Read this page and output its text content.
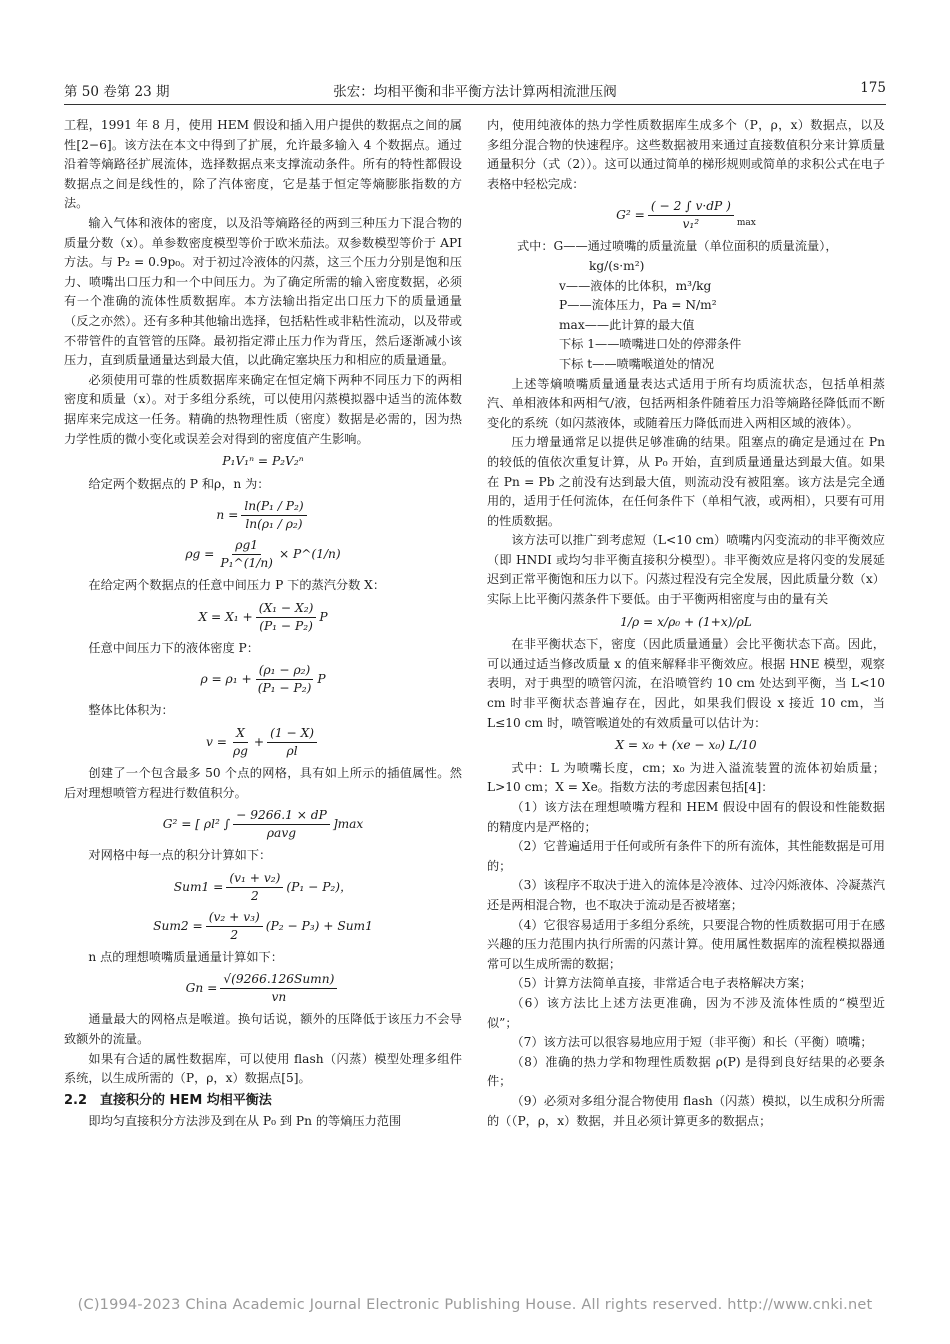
第 50 卷第 23 期	张宏：均相平衡和非平衡方法计算两相流泄压阀	175

工程，1991 年 8 月，使用 HEM 假设和插入用户提供的数据点之间的属性[2−6]。该方法在本文中得到了扩展，允许最多输入 4 个数据点。通过沿着等熵路径扩展流体，选择数据点来支撑流动条件。所有的特性都假设数据点之间是线性的，除了汽体密度，它是基于恒定等熵膨胀指数的方法。

输入气体和液体的密度，以及沿等熵路径的两到三种压力下混合物的质量分数（x）。单参数密度模型等价于欧米茄法。双参数模型等价于 API 方法。与 P₂ = 0.9p₀。对于初过冷液体的闪蒸，这三个压力分别是饱和压力、喷嘴出口压力和一个中间压力。为了确定所需的输入密度数据，必须有一个准确的流体性质数据库。本方法输出指定出口压力下的质量通量（反之亦然）。还有多种其他输出选择，包括粘性或非粘性流动，以及带或不带管件的直管管的压降。最初指定滞止压力作为背压，然后逐渐减小该压力，直到质量通量达到最大值，以此确定塞块压力和相应的质量通量。

必须使用可靠的性质数据库来确定在恒定熵下两种不同压力下的两相密度和质量（x）。对于多组分系统，可以使用闪蒸模拟器中适当的流体数据库来完成这一任务。精确的热物理性质（密度）数据是必需的，因为热力学性质的微小变化或误差会对得到的密度值产生影响。

P₁V₁ⁿ = P₂V₂ⁿ

给定两个数据点的 P 和ρ，n 为：

$n = \frac{\text{ln(P₁ / P₂)}}{\text{ln(ρ₁ / ρ₂)}}$
$\rho g = \frac{\rho g1}{\text{P₁\textasciicircum{}(1/n)}}$ × P^(1/n)

在给定两个数据点的任意中间压力 P 下的蒸汽分数 X：

$X = X_1 + \frac{\text{(X₁ − X₂)}}{\text{(P₁ − P₂)}}$ P

任意中间压力下的液体密度 P：

$\rho = \rho_1 + \frac{\text{(ρ₁ − ρ₂)}}{\text{(P₁ − P₂)}}$ P

整体比体积为：

$v = \frac{X}{\rho g} + \frac{(1 - X)}{\rho l}$

创建了一个包含最多 50 个点的网格，具有如上所示的插值属性。然后对理想喷管方程进行数值积分。

G² = [ ρl² ∫ $\frac{- 9266.1 \times dP}{\text{ρavg}} ]\max$

对网格中每一点的积分计算如下：

$Sum1 = \frac{\text{(v₁ + v₂)}}{2} (P_1 - P_2)$，
$Sum2 = \frac{\text{(v₂ + v₃)}}{2} (P_2 - P_3) + Sum1$

n 点的理想喷嘴质量通量计算如下：

$Gn = \frac{\text{√(9266.126Sumn)}}{vn}$

通量最大的网格点是喉道。换句话说，额外的压降低于该压力不会导致额外的流量。

如果有合适的属性数据库，可以使用 flash（闪蒸）模型处理多组件系统，以生成所需的（P，ρ，x）数据点[5]。

2.2　直接积分的 HEM 均相平衡法

即均匀直接积分方法涉及到在从 P₀ 到 Pn 的等熵压力范围

内，使用纯液体的热力学性质数据库生成多个（P，ρ，x）数据点，以及多组分混合物的快速程序。这些数据被用来通过直接数值积分来计算质量通量积分（式（2））。这可以通过简单的梯形规则或简单的求积公式在电子表格中轻松完成：

$G^2 = \frac{( - 2 \int v\cdot dP )}{\text{v₁²}}$ max
式中：G——通过喷嘴的质量流量（单位面积的质量流量），
kg/(s·m²)
v——液体的比体积，m³/kg
P——流体压力，Pa = N/m²
max——此计算的最大值
下标 1——喷嘴进口处的停滞条件
下标 t——喷嘴喉道处的情况

上述等熵喷嘴质量通量表达式适用于所有均质流状态，包括单相蒸汽、单相液体和两相气/液，包括两相条件随着压力沿等熵路径降低而不断变化的系统（如闪蒸液体，或随着压力降低而进入两相区域的液体）。

压力增量通常足以提供足够准确的结果。阻塞点的确定是通过在 Pn 的较低的值依次重复计算，从 P₀ 开始，直到质量通量达到最大值。如果在 Pn = Pb 之前没有达到最大值，则流动没有被阻塞。该方法是完全通用的，适用于任何流体，在任何条件下（单相气液，或两相），只要有可用的性质数据。

该方法可以推广到考虑短（L<10 cm）喷嘴内闪变流动的非平衡效应（即 HNDI 或均匀非平衡直接积分模型）。非平衡效应是将闪变的发展延迟到正常平衡饱和压力以下。闪蒸过程没有完全发展，因此质量分数（x）实际上比平衡闪蒸条件下要低。由于平衡两相密度与由的量有关

1/ρ = x/ρ₀ + (1+x)/ρL

在非平衡状态下，密度（因此质量通量）会比平衡状态下高。因此，可以通过适当修改质量 x 的值来解释非平衡效应。根据 HNE 模型，观察表明，对于典型的喷管闪流，在沿喷管约 10 cm 处达到平衡，当 L<10 cm 时非平衡状态普遍存在，因此，如果我们假设 x 接近 10 cm，当 L≤10 cm 时，喷管喉道处的有效质量可以估计为：

X = x₀ + (xe − x₀) L/10

式中：L 为喷嘴长度，cm；x₀ 为进入溢流装置的流体初始质量；L>10 cm；X = Xe。指数方法的考虑因素包括[4]：

（1）该方法在理想喷嘴方程和 HEM 假设中固有的假设和性能数据的精度内是严格的；

（2）它普遍适用于任何或所有条件下的所有流体，其性能数据是可用的；

（3）该程序不取决于进入的流体是冷液体、过冷闪烁液体、冷凝蒸汽还是两相混合物，也不取决于流动是否被堵塞；

（4）它很容易适用于多组分系统，只要混合物的性质数据可用于在感兴趣的压力范围内执行所需的闪蒸计算。使用属性数据库的流程模拟器通常可以生成所需的数据；

（5）计算方法简单直接，非常适合电子表格解决方案；

（6）该方法比上述方法更准确，因为不涉及流体性质的“模型近似”；

（7）该方法可以很容易地应用于短（非平衡）和长（平衡）喷嘴；

（8）准确的热力学和物理性质数据 ρ(P) 是得到良好结果的必要条件；

（9）必须对多组分混合物使用 flash（闪蒸）模拟，以生成积分所需的（（P，ρ，x）数据，并且必须计算更多的数据点；

(C)1994-2023 China Academic Journal Electronic Publishing House. All rights reserved. http://www.cnki.net
